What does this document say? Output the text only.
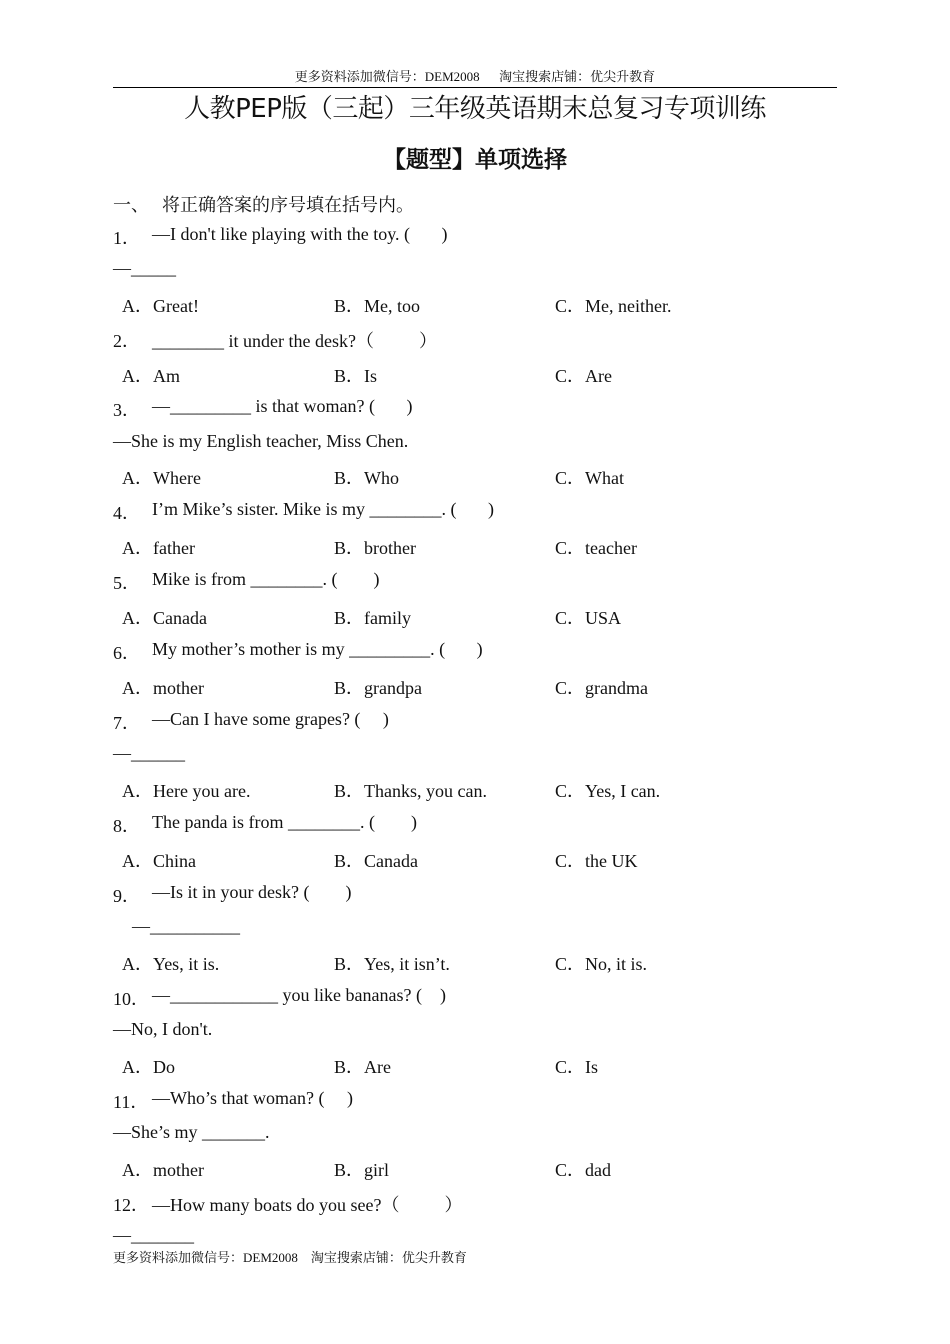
更多资料添加微信号：DEM2008      淘宝搜索店铺：优尖升教育
人教PEP版（三起）三年级英语期末总复习专项训练
【题型】单项选择
一、 将正确答案的序号填在括号内。
1． —I don't like playing with the toy. (       )
—_____
A．Great!	B．Me, too	C．Me, neither.
2． ________ it under the desk?（          ）
A．Am	B．Is	C．Are
3． —_________ is that woman? (       )
—She is my English teacher, Miss Chen.
A．Where	B．Who	C．What
4． I’m Mike’s sister. Mike is my ________. (       )
A．father	B．brother	C．teacher
5． Mike is from ________. (        )
A．Canada	B．family	C．USA
6． My mother’s mother is my _________. (       )
A．mother	B．grandpa	C．grandma
7． —Can I have some grapes? (     )
—______
A．Here you are.	B．Thanks, you can.	C．Yes, I can.
8． The panda is from ________. (        )
A．China	B．Canada	C．the UK
9． —Is it in your desk? (        )
—__________
A．Yes, it is.	B．Yes, it isn’t.	C．No, it is.
10． —____________ you like bananas? (    )
—No, I don't.
A．Do	B．Are	C．Is
11． —Who’s that woman? (     )
—She’s my _______.
A．mother	B．girl	C．dad
12． —How many boats do you see?（          ）
—_______
更多资料添加微信号：DEM2008    淘宝搜索店铺：优尖升教育
